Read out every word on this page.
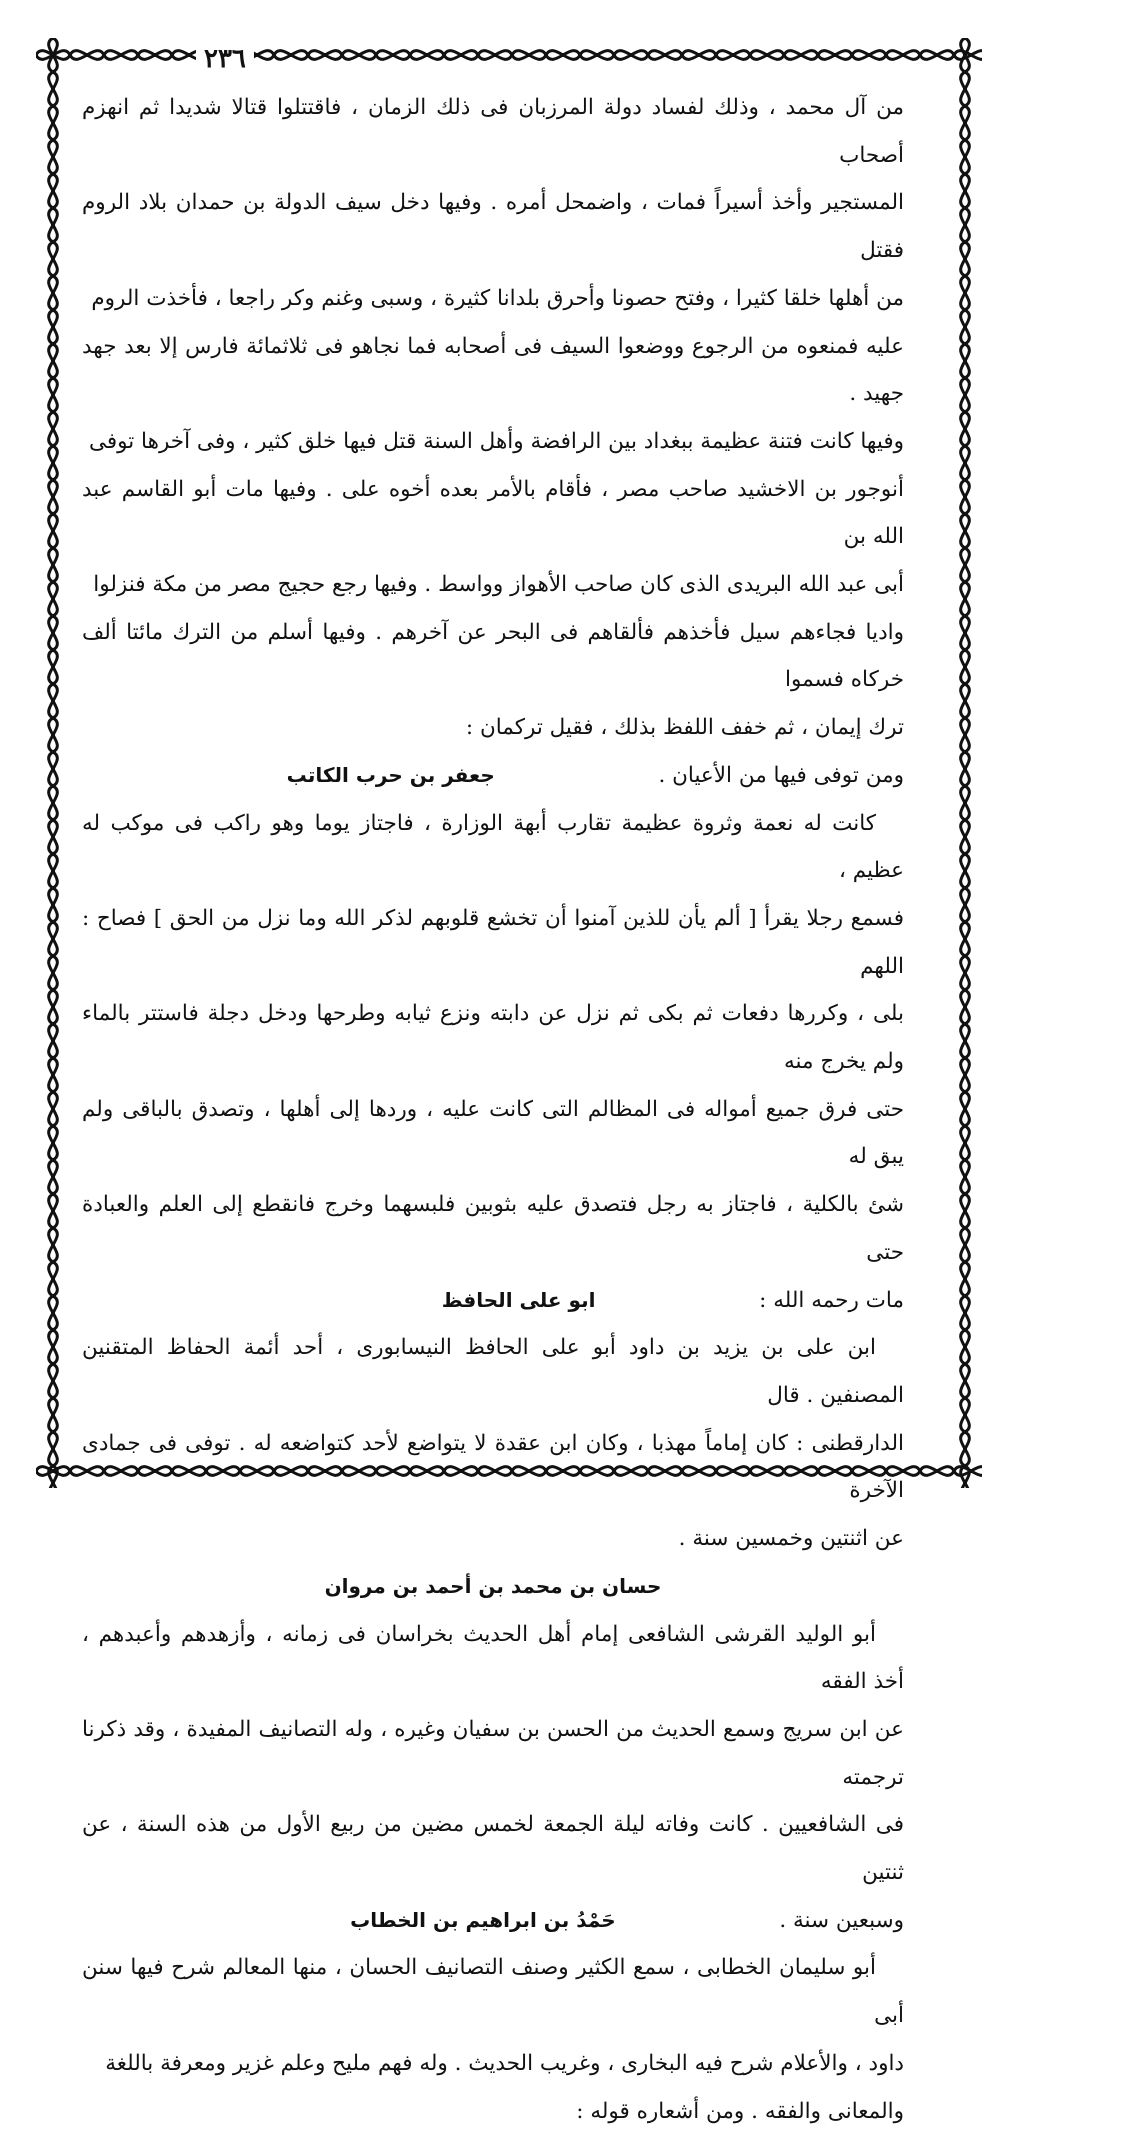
٢٣٦

من آل محمد ، وذلك لفساد دولة المرزبان فى ذلك الزمان ، فاقتتلوا قتالا شديدا ثم انهزم أصحاب

المستجير وأخذ أسيراً فمات ، واضمحل أمره . وفيها دخل سيف الدولة بن حمدان بلاد الروم فقتل

من أهلها خلقا كثيرا ، وفتح حصونا وأحرق بلدانا كثيرة ، وسبى وغنم وكر راجعا ، فأخذت الروم

عليه فمنعوه من الرجوع ووضعوا السيف فى أصحابه فما نجاهو فى ثلاثمائة فارس إلا بعد جهد جهيد .

وفيها كانت فتنة عظيمة ببغداد بين الرافضة وأهل السنة قتل فيها خلق كثير ، وفى آخرها توفى

أنوجور بن الاخشيد صاحب مصر ، فأقام بالأمر بعده أخوه على . وفيها مات أبو القاسم عبد الله بن

أبى عبد الله البريدى الذى كان صاحب الأهواز وواسط . وفيها رجع حجيج مصر من مكة فنزلوا

واديا فجاءهم سيل فأخذهم فألقاهم فى البحر عن آخرهم . وفيها أسلم من الترك مائتا ألف خركاه فسموا

ترك إيمان ، ثم خفف اللفظ بذلك ، فقيل تركمان :

ومن توفى فيها من الأعيان .  جعفر بن حرب الكاتب

كانت له نعمة وثروة عظيمة تقارب أبهة الوزارة ، فاجتاز يوما وهو راكب فى موكب له عظيم ،

فسمع رجلا يقرأ [ ألم يأن للذين آمنوا أن تخشع قلوبهم لذكر الله وما نزل من الحق ] فصاح : اللهم

بلى ، وكررها دفعات ثم بكى ثم نزل عن دابته ونزع ثيابه وطرحها ودخل دجلة فاستتر بالماء ولم يخرج منه

حتى فرق جميع أمواله فى المظالم التى كانت عليه ، وردها إلى أهلها ، وتصدق بالباقى ولم يبق له

شئ بالكلية ، فاجتاز به رجل فتصدق عليه بثوبين فلبسهما وخرج فانقطع إلى العلم والعبادة حتى

مات رحمه الله :  ابو على الحافظ

ابن على بن يزيد بن داود أبو على الحافظ النيسابورى ، أحد أئمة الحفاظ المتقنين المصنفين . قال

الدارقطنى : كان إماماً مهذبا ، وكان ابن عقدة لا يتواضع لأحد كتواضعه له . توفى فى جمادى الآخرة

عن اثنتين وخمسين سنة .

حسان بن محمد بن أحمد بن مروان

أبو الوليد القرشى الشافعى إمام أهل الحديث بخراسان فى زمانه ، وأزهدهم وأعبدهم ، أخذ الفقه

عن ابن سريج وسمع الحديث من الحسن بن سفيان وغيره ، وله التصانيف المفيدة ، وقد ذكرنا ترجمته

فى الشافعيين . كانت وفاته ليلة الجمعة لخمس مضين من ربيع الأول من هذه السنة ، عن ثنتين

وسبعين سنة .  حَمْدُ بن ابراهيم بن الخطاب

أبو سليمان الخطابى ، سمع الكثير وصنف التصانيف الحسان ، منها المعالم شرح فيها سنن أبى

داود ، والأعلام شرح فيه البخارى ، وغريب الحديث . وله فهم مليح وعلم غزير ومعرفة باللغة

والمعانى والفقه . ومن أشعاره قوله :
